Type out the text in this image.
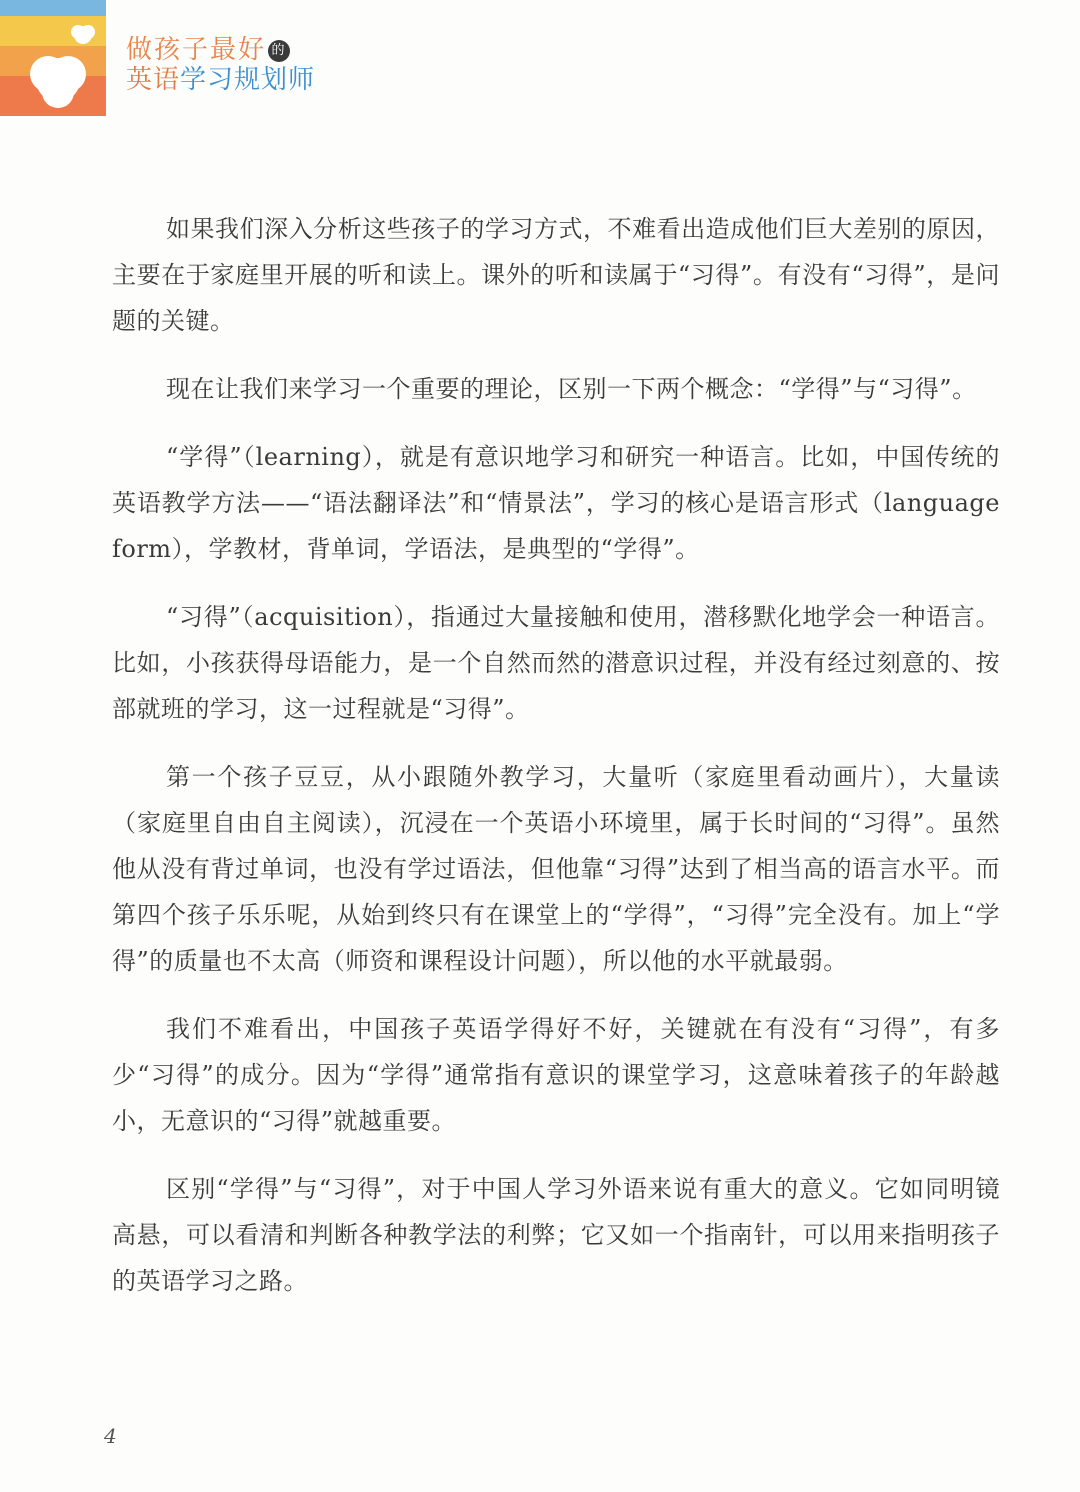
做孩子最好 的
英语学习规划师

如果我们深入分析这些孩子的学习方式，不难看出造成他们巨大差别的原因，主要在于家庭里开展的听和读上。课外的听和读属于“习得”。有没有“习得”，是问题的关键。

现在让我们来学习一个重要的理论，区别一下两个概念：“学得”与“习得”。

“学得”（learning），就是有意识地学习和研究一种语言。比如，中国传统的英语教学方法——“语法翻译法”和“情景法”，学习的核心是语言形式（language form），学教材，背单词，学语法，是典型的“学得”。

“习得”（acquisition），指通过大量接触和使用，潜移默化地学会一种语言。比如，小孩获得母语能力，是一个自然而然的潜意识过程，并没有经过刻意的、按部就班的学习，这一过程就是“习得”。

第一个孩子豆豆，从小跟随外教学习，大量听（家庭里看动画片），大量读（家庭里自由自主阅读），沉浸在一个英语小环境里，属于长时间的“习得”。虽然他从没有背过单词，也没有学过语法，但他靠“习得”达到了相当高的语言水平。而第四个孩子乐乐呢，从始到终只有在课堂上的“学得”，“习得”完全没有。加上“学得”的质量也不太高（师资和课程设计问题），所以他的水平就最弱。

我们不难看出，中国孩子英语学得好不好，关键就在有没有“习得”，有多少“习得”的成分。因为“学得”通常指有意识的课堂学习，这意味着孩子的年龄越小，无意识的“习得”就越重要。

区别“学得”与“习得”，对于中国人学习外语来说有重大的意义。它如同明镜高悬，可以看清和判断各种教学法的利弊；它又如一个指南针，可以用来指明孩子的英语学习之路。

4
